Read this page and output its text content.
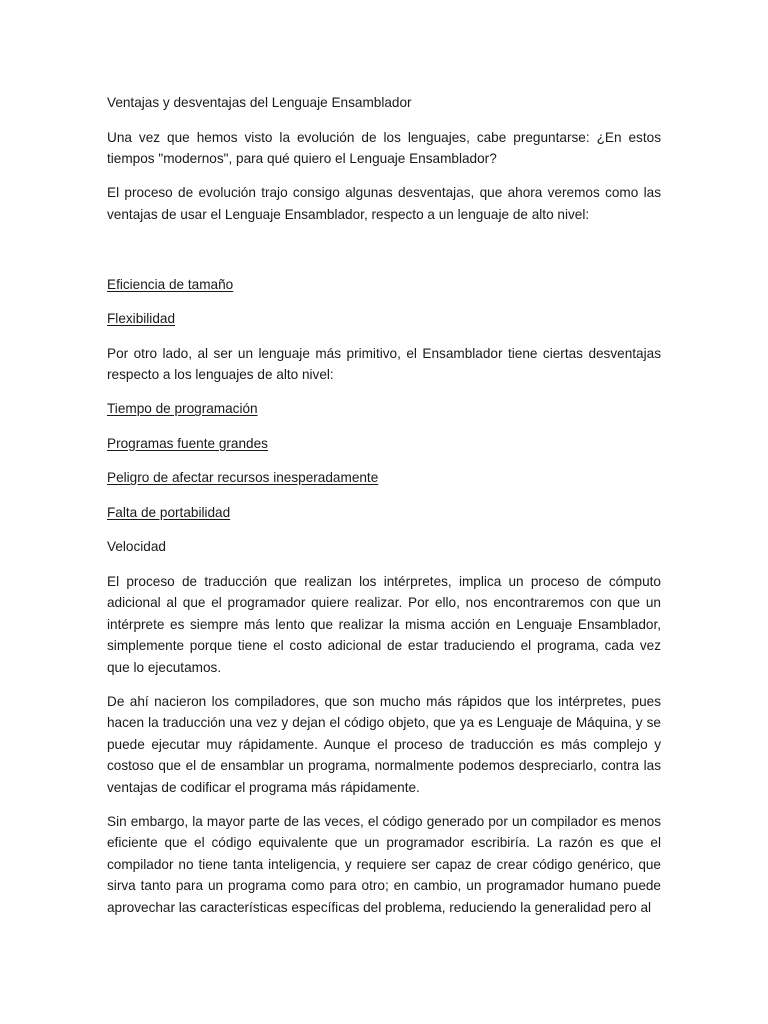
Ventajas y desventajas del Lenguaje Ensamblador

Una vez que hemos visto la evolución de los lenguajes, cabe preguntarse: ¿En estos tiempos "modernos", para qué quiero el Lenguaje Ensamblador?

El proceso de evolución trajo consigo algunas desventajas, que ahora veremos como las ventajas de usar el Lenguaje Ensamblador, respecto a un lenguaje de alto nivel:

Eficiencia de tamaño

Flexibilidad

Por otro lado, al ser un lenguaje más primitivo, el Ensamblador tiene ciertas desventajas respecto a los lenguajes de alto nivel:

Tiempo de programación

Programas fuente grandes

Peligro de afectar recursos inesperadamente

Falta de portabilidad

Velocidad

El proceso de traducción que realizan los intérpretes, implica un proceso de cómputo adicional al que el programador quiere realizar. Por ello, nos encontraremos con que un intérprete es siempre más lento que realizar la misma acción en Lenguaje Ensamblador, simplemente porque tiene el costo adicional de estar traduciendo el programa, cada vez que lo ejecutamos.

De ahí nacieron los compiladores, que son mucho más rápidos que los intérpretes, pues hacen la traducción una vez y dejan el código objeto, que ya es Lenguaje de Máquina, y se puede ejecutar muy rápidamente. Aunque el proceso de traducción es más complejo y costoso que el de ensamblar un programa, normalmente podemos despreciarlo, contra las ventajas de codificar el programa más rápidamente.

Sin embargo, la mayor parte de las veces, el código generado por un compilador es menos eficiente que el código equivalente que un programador escribiría. La razón es que el compilador no tiene tanta inteligencia, y requiere ser capaz de crear código genérico, que sirva tanto para un programa como para otro; en cambio, un programador humano puede aprovechar las características específicas del problema, reduciendo la generalidad pero al
